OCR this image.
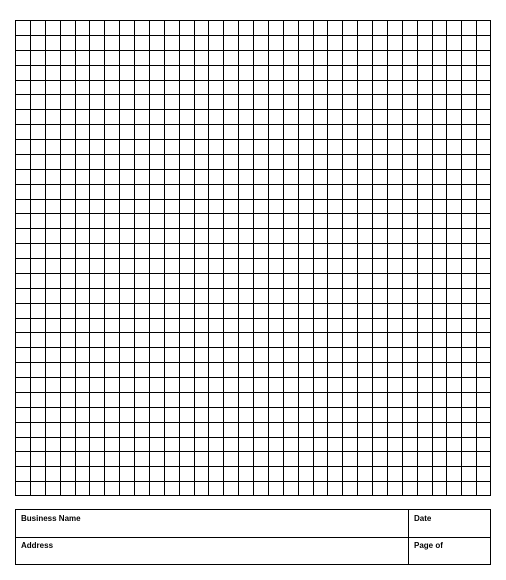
Business Name	Date
Address	Page of
